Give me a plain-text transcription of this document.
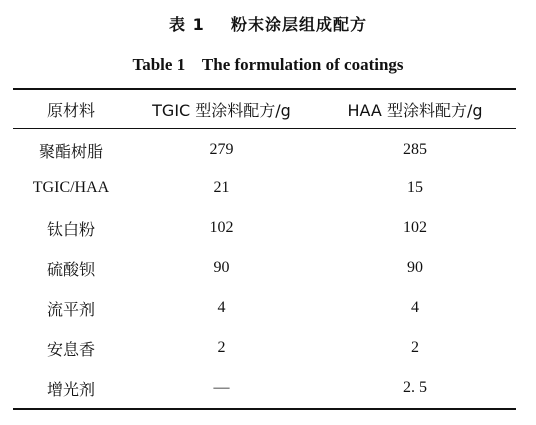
表 1    粉末涂层组成配方
Table 1    The formulation of coatings
原材料	TGIC 型涂料配方/g	HAA 型涂料配方/g
聚酯树脂	279	285
TGIC/HAA	21	15
钛白粉	102	102
硫酸钡	90	90
流平剂	4	4
安息香	2	2
增光剂	—	2. 5
